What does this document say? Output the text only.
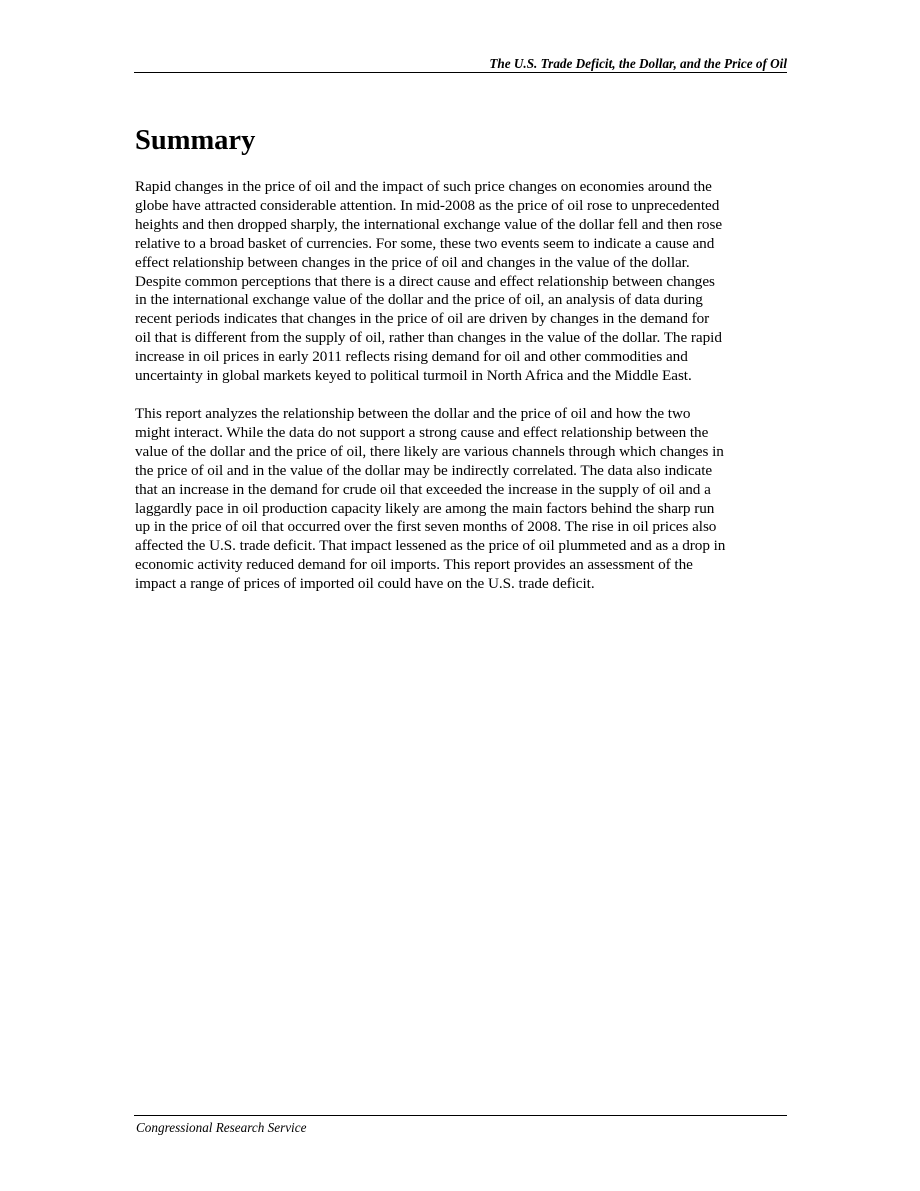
The U.S. Trade Deficit, the Dollar, and the Price of Oil
Summary

Rapid changes in the price of oil and the impact of such price changes on economies around the
globe have attracted considerable attention. In mid-2008 as the price of oil rose to unprecedented
heights and then dropped sharply, the international exchange value of the dollar fell and then rose
relative to a broad basket of currencies. For some, these two events seem to indicate a cause and
effect relationship between changes in the price of oil and changes in the value of the dollar.
Despite common perceptions that there is a direct cause and effect relationship between changes
in the international exchange value of the dollar and the price of oil, an analysis of data during
recent periods indicates that changes in the price of oil are driven by changes in the demand for
oil that is different from the supply of oil, rather than changes in the value of the dollar. The rapid
increase in oil prices in early 2011 reflects rising demand for oil and other commodities and
uncertainty in global markets keyed to political turmoil in North Africa and the Middle East.

This report analyzes the relationship between the dollar and the price of oil and how the two
might interact. While the data do not support a strong cause and effect relationship between the
value of the dollar and the price of oil, there likely are various channels through which changes in
the price of oil and in the value of the dollar may be indirectly correlated. The data also indicate
that an increase in the demand for crude oil that exceeded the increase in the supply of oil and a
laggardly pace in oil production capacity likely are among the main factors behind the sharp run
up in the price of oil that occurred over the first seven months of 2008. The rise in oil prices also
affected the U.S. trade deficit. That impact lessened as the price of oil plummeted and as a drop in
economic activity reduced demand for oil imports. This report provides an assessment of the
impact a range of prices of imported oil could have on the U.S. trade deficit.

Congressional Research Service
